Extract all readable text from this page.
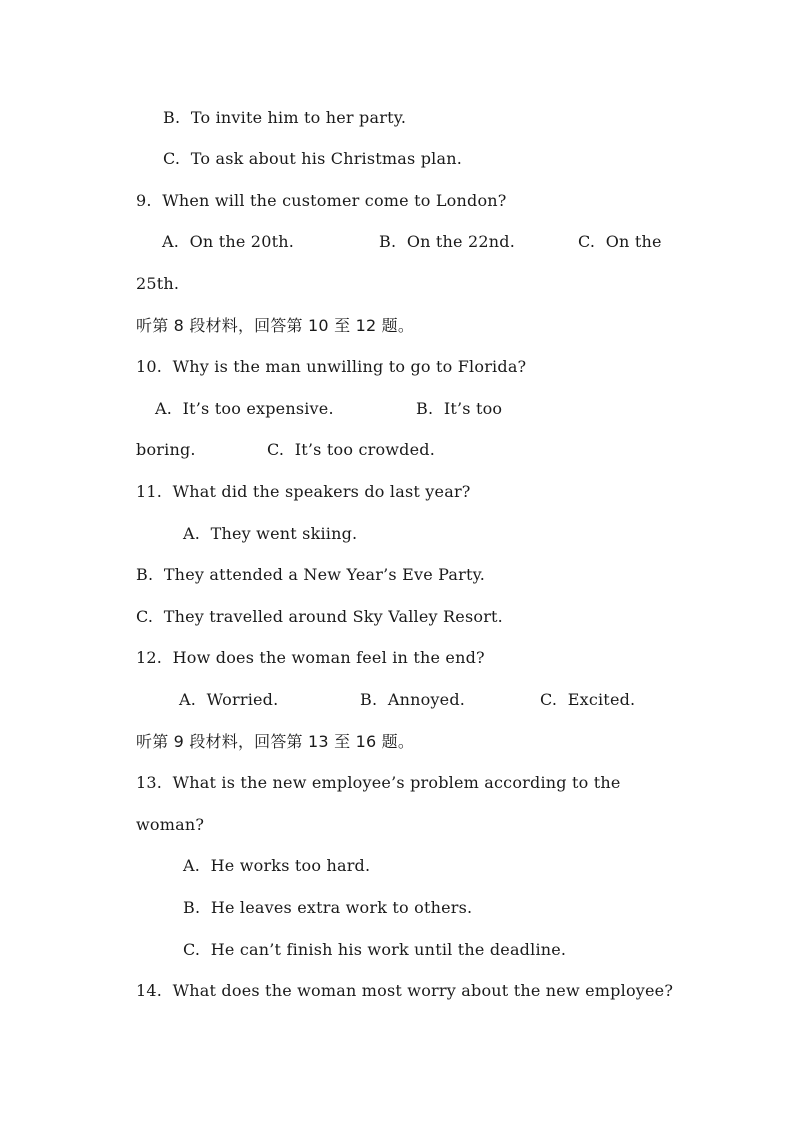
B.  To invite him to her party.
C.  To ask about his Christmas plan.
9.  When will the customer come to London?
A.  On the 20th.	B.  On the 22nd.	C.  On the
25th.
听第 8 段材料，回答第 10 至 12 题。
10.  Why is the man unwilling to go to Florida?
A.  It’s too expensive.	B.  It’s too
boring.	C.  It’s too crowded.
11.  What did the speakers do last year?
A.  They went skiing.
B.  They attended a New Year’s Eve Party.
C.  They travelled around Sky Valley Resort.
12.  How does the woman feel in the end?
A.  Worried.	B.  Annoyed.	C.  Excited.
听第 9 段材料，回答第 13 至 16 题。
13.  What is the new employee’s problem according to the
woman?
A.  He works too hard.
B.  He leaves extra work to others.
C.  He can’t finish his work until the deadline.
14.  What does the woman most worry about the new employee?
